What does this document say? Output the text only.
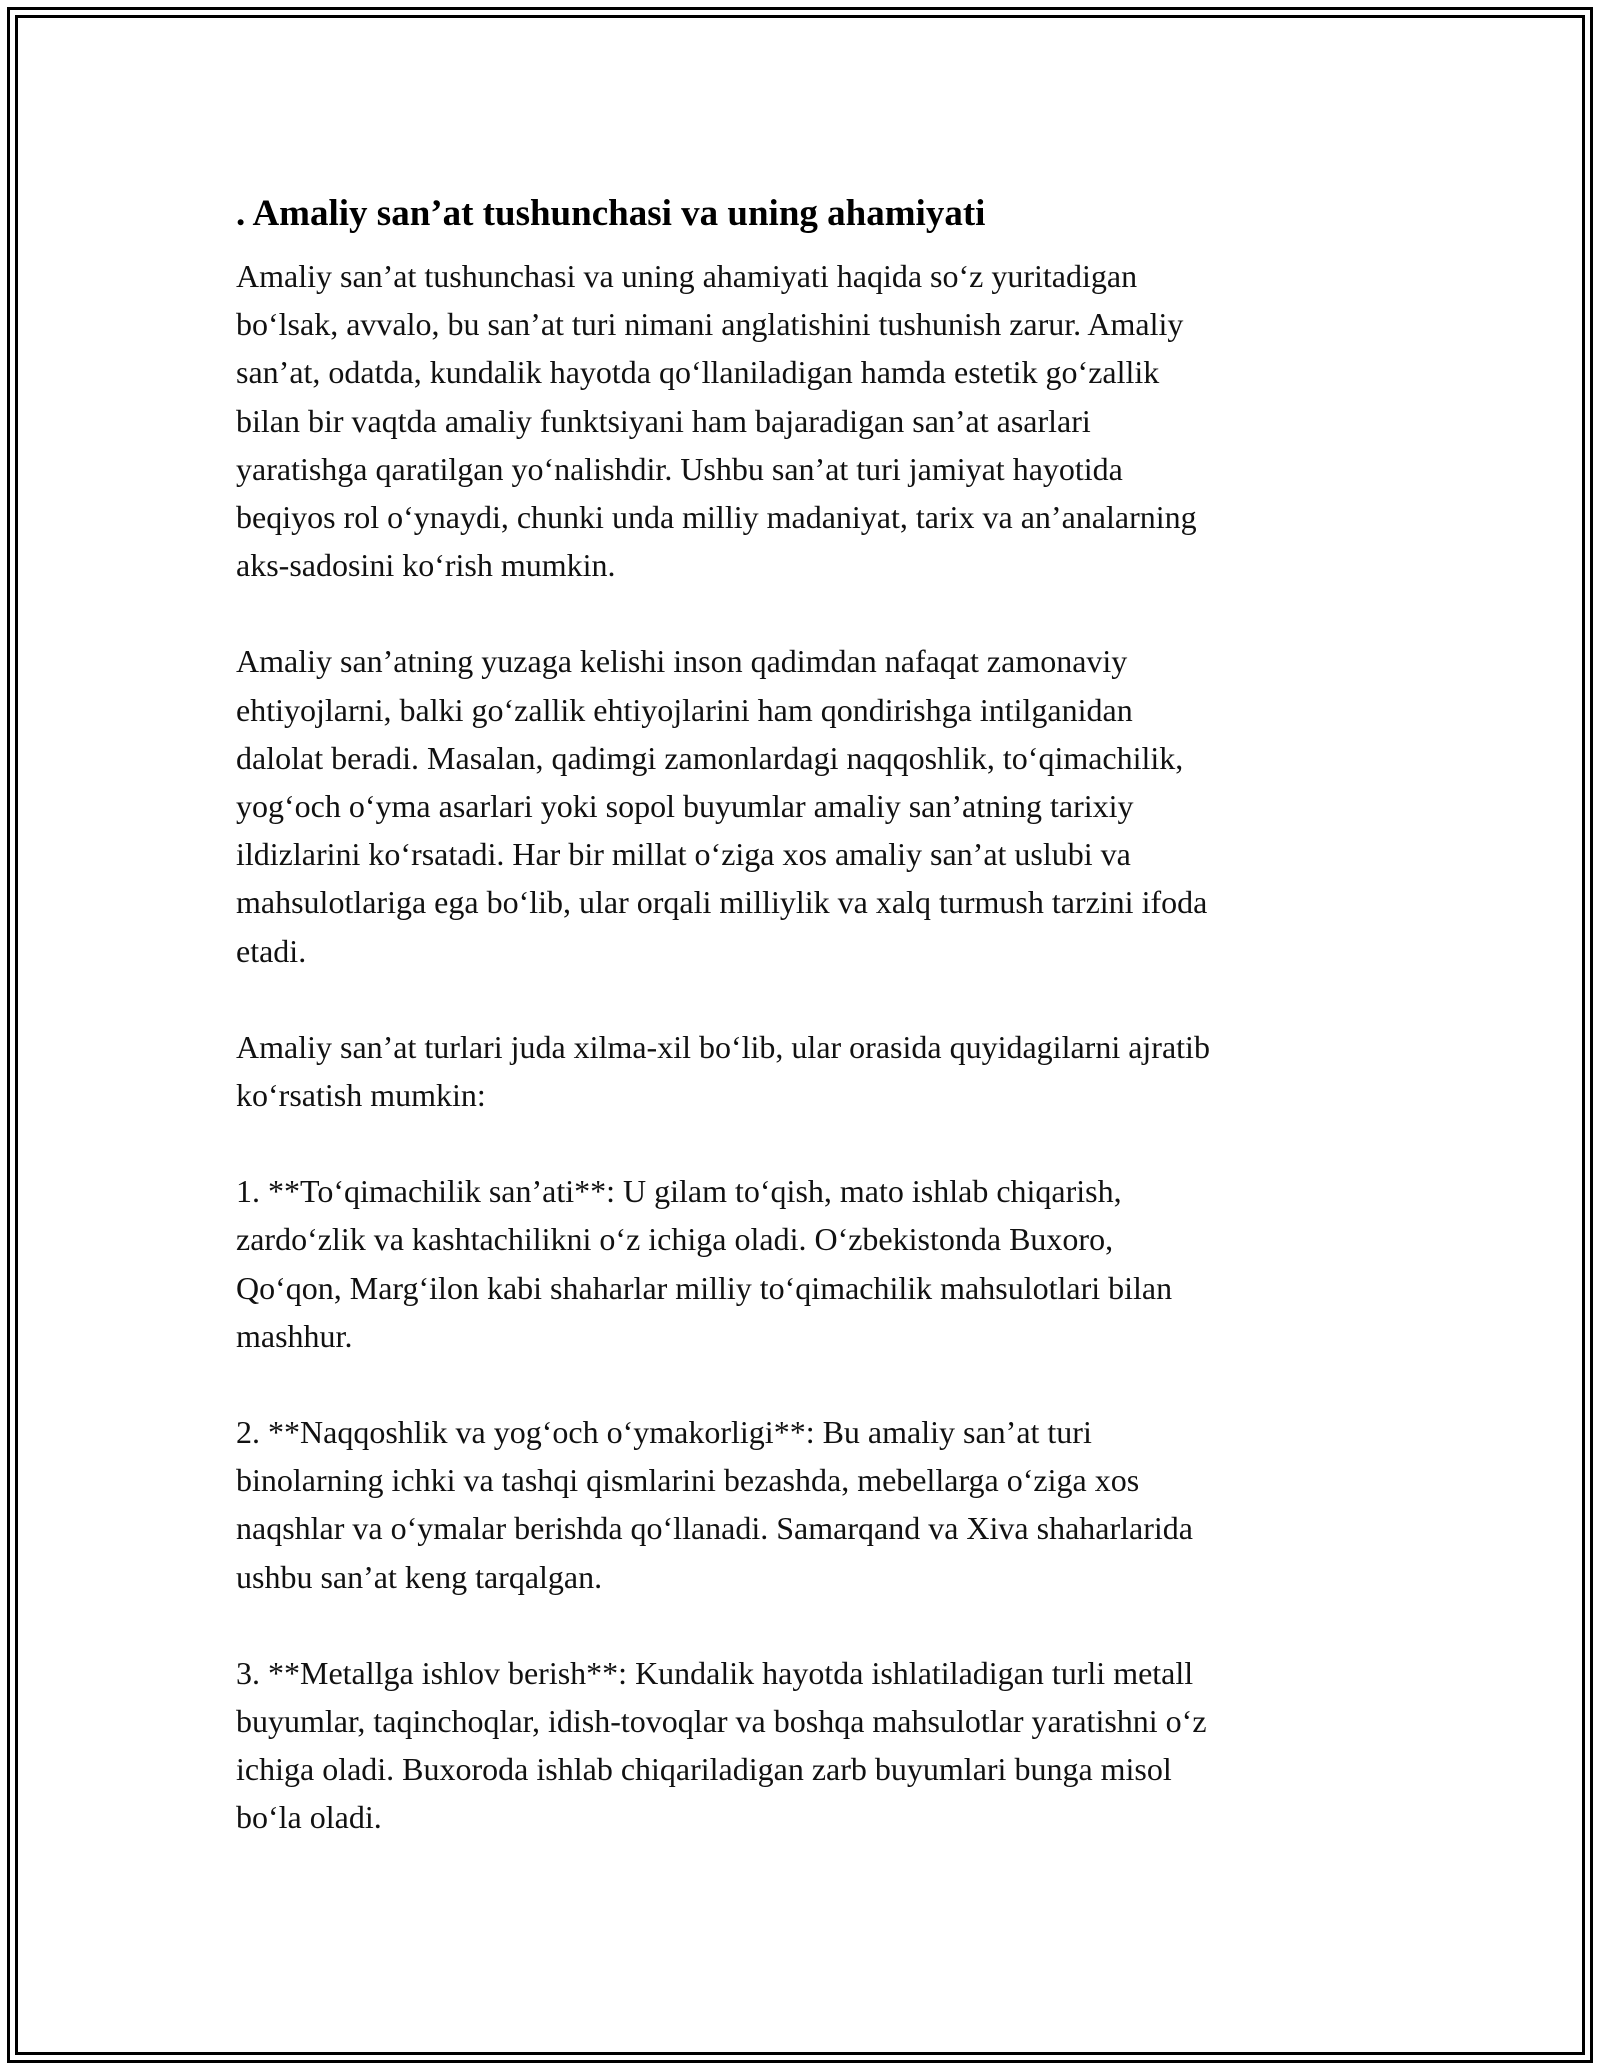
. Amaliy san’at tushunchasi va uning ahamiyati
Amaliy san’at tushunchasi va uning ahamiyati haqida so‘z yuritadigan
bo‘lsak, avvalo, bu san’at turi nimani anglatishini tushunish zarur. Amaliy
san’at, odatda, kundalik hayotda qo‘llaniladigan hamda estetik go‘zallik
bilan bir vaqtda amaliy funktsiyani ham bajaradigan san’at asarlari
yaratishga qaratilgan yo‘nalishdir. Ushbu san’at turi jamiyat hayotida
beqiyos rol o‘ynaydi, chunki unda milliy madaniyat, tarix va an’analarning
aks-sadosini ko‘rish mumkin.
Amaliy san’atning yuzaga kelishi inson qadimdan nafaqat zamonaviy
ehtiyojlarni, balki go‘zallik ehtiyojlarini ham qondirishga intilganidan
dalolat beradi. Masalan, qadimgi zamonlardagi naqqoshlik, to‘qimachilik,
yog‘och o‘yma asarlari yoki sopol buyumlar amaliy san’atning tarixiy
ildizlarini ko‘rsatadi. Har bir millat o‘ziga xos amaliy san’at uslubi va
mahsulotlariga ega bo‘lib, ular orqali milliylik va xalq turmush tarzini ifoda
etadi.
Amaliy san’at turlari juda xilma-xil bo‘lib, ular orasida quyidagilarni ajratib
ko‘rsatish mumkin:
1. **To‘qimachilik san’ati**: U gilam to‘qish, mato ishlab chiqarish,
zardo‘zlik va kashtachilikni o‘z ichiga oladi. O‘zbekistonda Buxoro,
Qo‘qon, Marg‘ilon kabi shaharlar milliy to‘qimachilik mahsulotlari bilan
mashhur.
2. **Naqqoshlik va yog‘och o‘ymakorligi**: Bu amaliy san’at turi
binolarning ichki va tashqi qismlarini bezashda, mebellarga o‘ziga xos
naqshlar va o‘ymalar berishda qo‘llanadi. Samarqand va Xiva shaharlarida
ushbu san’at keng tarqalgan.
3. **Metallga ishlov berish**: Kundalik hayotda ishlatiladigan turli metall
buyumlar, taqinchoqlar, idish-tovoqlar va boshqa mahsulotlar yaratishni o‘z
ichiga oladi. Buxoroda ishlab chiqariladigan zarb buyumlari bunga misol
bo‘la oladi.
